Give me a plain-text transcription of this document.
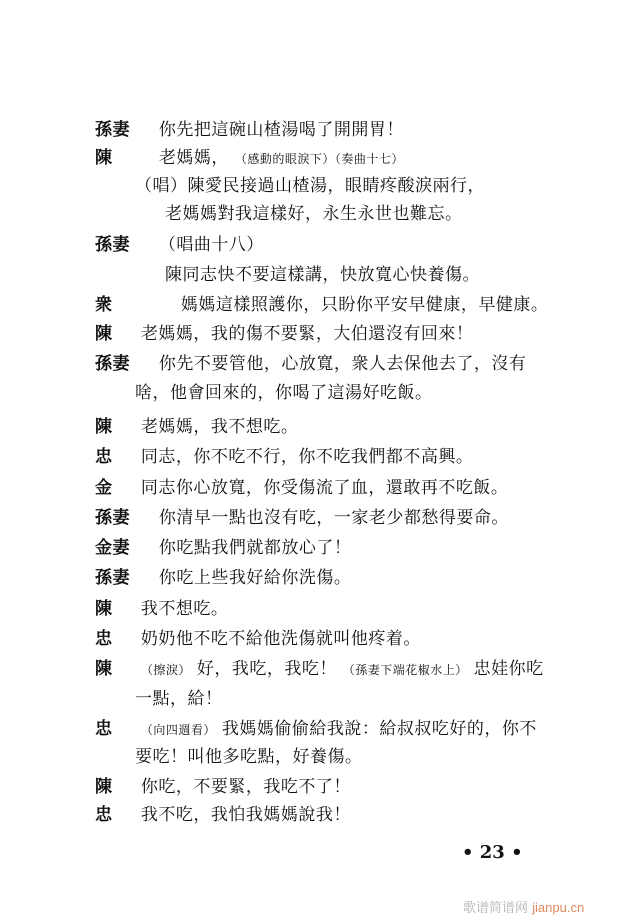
孫妻 你先把這碗山楂湯喝了開開胃！
陳	老媽媽， （感動的眼淚下）（奏曲十七）
（唱）陳愛民接過山楂湯，眼睛疼酸淚兩行，
老媽媽對我這樣好，永生永世也難忘。
孫妻 （唱曲十八）
陳同志快不要這樣講，快放寬心快養傷。
衆	媽媽這樣照護你，只盼你平安早健康，早健康。
陳 老媽媽，我的傷不要緊，大伯還沒有回來！
孫妻 你先不要管他，心放寬，衆人去保他去了，沒有
啥，他會回來的，你喝了這湯好吃飯。
陳 老媽媽，我不想吃。
忠 同志，你不吃不行，你不吃我們都不高興。
金 同志你心放寬，你受傷流了血，還敢再不吃飯。
孫妻 你清早一點也沒有吃，一家老少都愁得要命。
金妻 你吃點我們就都放心了！
孫妻 你吃上些我好給你洗傷。
陳 我不想吃。
忠 奶奶他不吃不給他洗傷就叫他疼着。
陳 （擦淚） 好，我吃，我吃！ （孫妻下端花椒水上） 忠娃你吃
一點，給！
忠 （向四週看） 我媽媽偷偷給我說：給叔叔吃好的，你不
要吃！叫他多吃點，好養傷。
陳 你吃，不要緊，我吃不了！
忠 我不吃，我怕我媽媽說我！
• 23 •
歌谱简谱网 jianpu.cn
